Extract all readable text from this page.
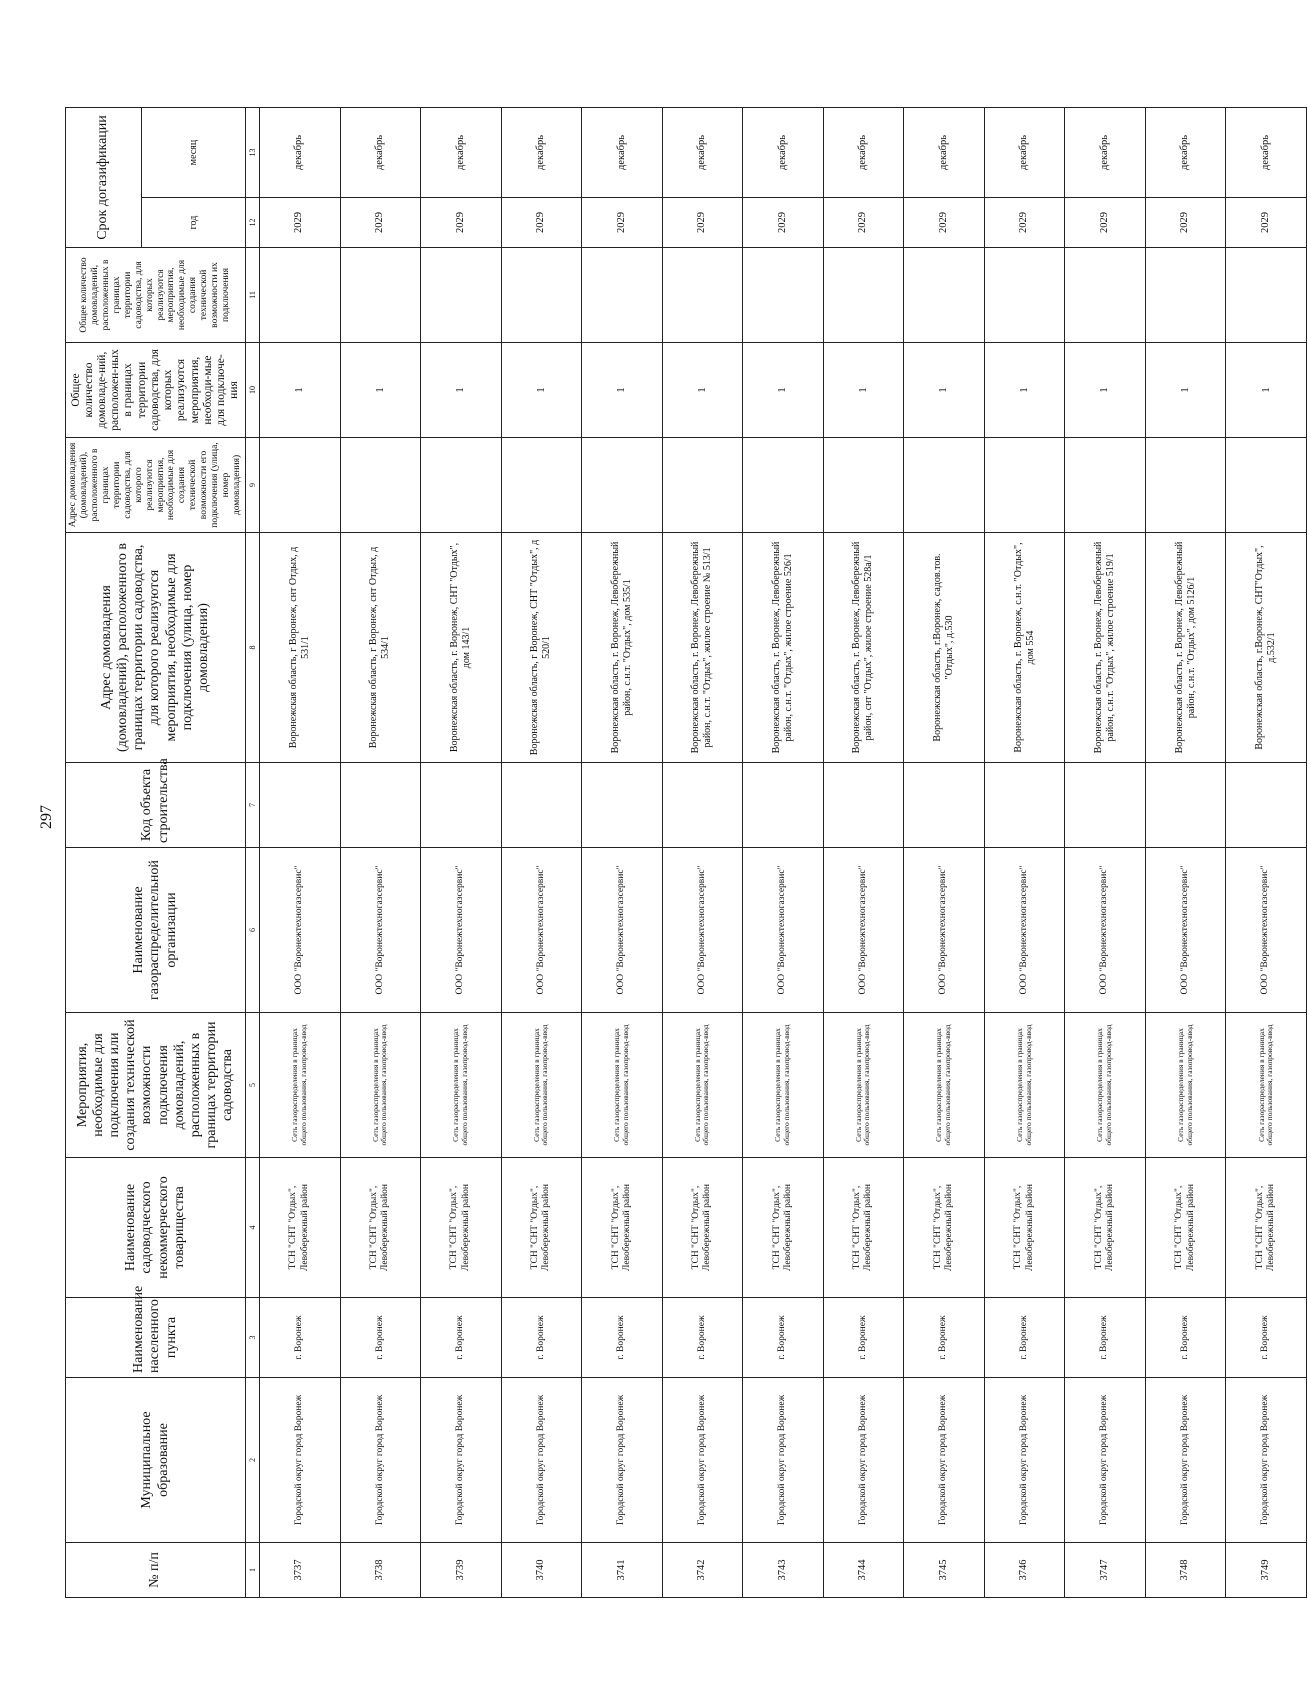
297
№ п/п	Муниципальное образование	Наименование населенного пункта	Наименование садоводческого некоммерческого товарищества	Мероприятия, необходимые для подключения или создания технической возможности подключения домовладений, расположенных в границах территории садоводства	Наименование газораспределительной организации	Код объекта строительства	Адрес домовладения (домовладений), расположенного в границах территории садоводства, для которого реализуются мероприятия, необходимые для подключения (улица, номер домовладения)	Адрес домовладения (домовладений), расположенного в границах территории садоводства, для которого реализуются мероприятия, необходимые для создания технической возможности его подключения (улица, номер домовладения)	Общее количество домовладе-ний, расположен-ных в границах территории садоводства, для которых реализуются мероприятия, необходи-мые для подключе-ния	Общее количество домовладений, расположенных в границах территории садоводства, для которых реализуются мероприятия, необходимые для создания технической возможности их подключения	Срок догазификации	
											год	месяц
1	2	3	4	5	6	7	8	9	10	11	12	13
3737	Городской округ город Воронеж	г. Воронеж	ТСН "СНТ "Отдых", Левобережный район	Сеть газораспределения в границах общего пользования, газопровод-ввод	ООО "Воронежтехногазсервис"		Воронежская область, г Воронеж, снт Отдых, д 531/1		1		2029	декабрь
3738	Городской округ город Воронеж	г. Воронеж	ТСН "СНТ "Отдых", Левобережный район	Сеть газораспределения в границах общего пользования, газопровод-ввод	ООО "Воронежтехногазсервис"		Воронежская область, г Воронеж, снт Отдых, д 534/1		1		2029	декабрь
3739	Городской округ город Воронеж	г. Воронеж	ТСН "СНТ "Отдых", Левобережный район	Сеть газораспределения в границах общего пользования, газопровод-ввод	ООО "Воронежтехногазсервис"		Воронежская область, г. Воронеж, СНТ "Отдых", дом 143/1		1		2029	декабрь
3740	Городской округ город Воронеж	г. Воронеж	ТСН "СНТ "Отдых", Левобережный район	Сеть газораспределения в границах общего пользования, газопровод-ввод	ООО "Воронежтехногазсервис"		Воронежская область, г Воронеж, СНТ "Отдых", д 520/1		1		2029	декабрь
3741	Городской округ город Воронеж	г. Воронеж	ТСН "СНТ "Отдых", Левобережный район	Сеть газораспределения в границах общего пользования, газопровод-ввод	ООО "Воронежтехногазсервис"		Воронежская область, г. Воронеж, Левобережный район, с.н.т. "Отдых", дом 535/1		1		2029	декабрь
3742	Городской округ город Воронеж	г. Воронеж	ТСН "СНТ "Отдых", Левобережный район	Сеть газораспределения в границах общего пользования, газопровод-ввод	ООО "Воронежтехногазсервис"		Воронежская область, г. Воронеж, Левобережный район, с.н.т. "Отдых", жилое строение № 513/1		1		2029	декабрь
3743	Городской округ город Воронеж	г. Воронеж	ТСН "СНТ "Отдых", Левобережный район	Сеть газораспределения в границах общего пользования, газопровод-ввод	ООО "Воронежтехногазсервис"		Воронежская область, г. Воронеж, Левобережный район, с.н.т. "Отдых", жилое строение 526/1		1		2029	декабрь
3744	Городской округ город Воронеж	г. Воронеж	ТСН "СНТ "Отдых", Левобережный район	Сеть газораспределения в границах общего пользования, газопровод-ввод	ООО "Воронежтехногазсервис"		Воронежская область, г. Воронеж, Левобережный район, снт "Отдых", жилое строение 528а/1		1		2029	декабрь
3745	Городской округ город Воронеж	г. Воронеж	ТСН "СНТ "Отдых", Левобережный район	Сеть газораспределения в границах общего пользования, газопровод-ввод	ООО "Воронежтехногазсервис"		Воронежская область, г.Воронеж, садов.тов. "Отдых", д.530		1		2029	декабрь
3746	Городской округ город Воронеж	г. Воронеж	ТСН "СНТ "Отдых", Левобережный район	Сеть газораспределения в границах общего пользования, газопровод-ввод	ООО "Воронежтехногазсервис"		Воронежская область, г. Воронеж, с.н.т. "Отдых", дом 554		1		2029	декабрь
3747	Городской округ город Воронеж	г. Воронеж	ТСН "СНТ "Отдых", Левобережный район	Сеть газораспределения в границах общего пользования, газопровод-ввод	ООО "Воронежтехногазсервис"		Воронежская область, г. Воронеж, Левобережный район, с.н.т. "Отдых", жилое строение 519/1		1		2029	декабрь
3748	Городской округ город Воронеж	г. Воронеж	ТСН "СНТ "Отдых", Левобережный район	Сеть газораспределения в границах общего пользования, газопровод-ввод	ООО "Воронежтехногазсервис"		Воронежская область, г. Воронеж, Левобережный район, с.н.т. "Отдых", дом 5126/1		1		2029	декабрь
3749	Городской округ город Воронеж	г. Воронеж	ТСН "СНТ "Отдых", Левобережный район	Сеть газораспределения в границах общего пользования, газопровод-ввод	ООО "Воронежтехногазсервис"		Воронежская область, г.Воронеж, СНТ"Отдых", д.532/1		1		2029	декабрь
